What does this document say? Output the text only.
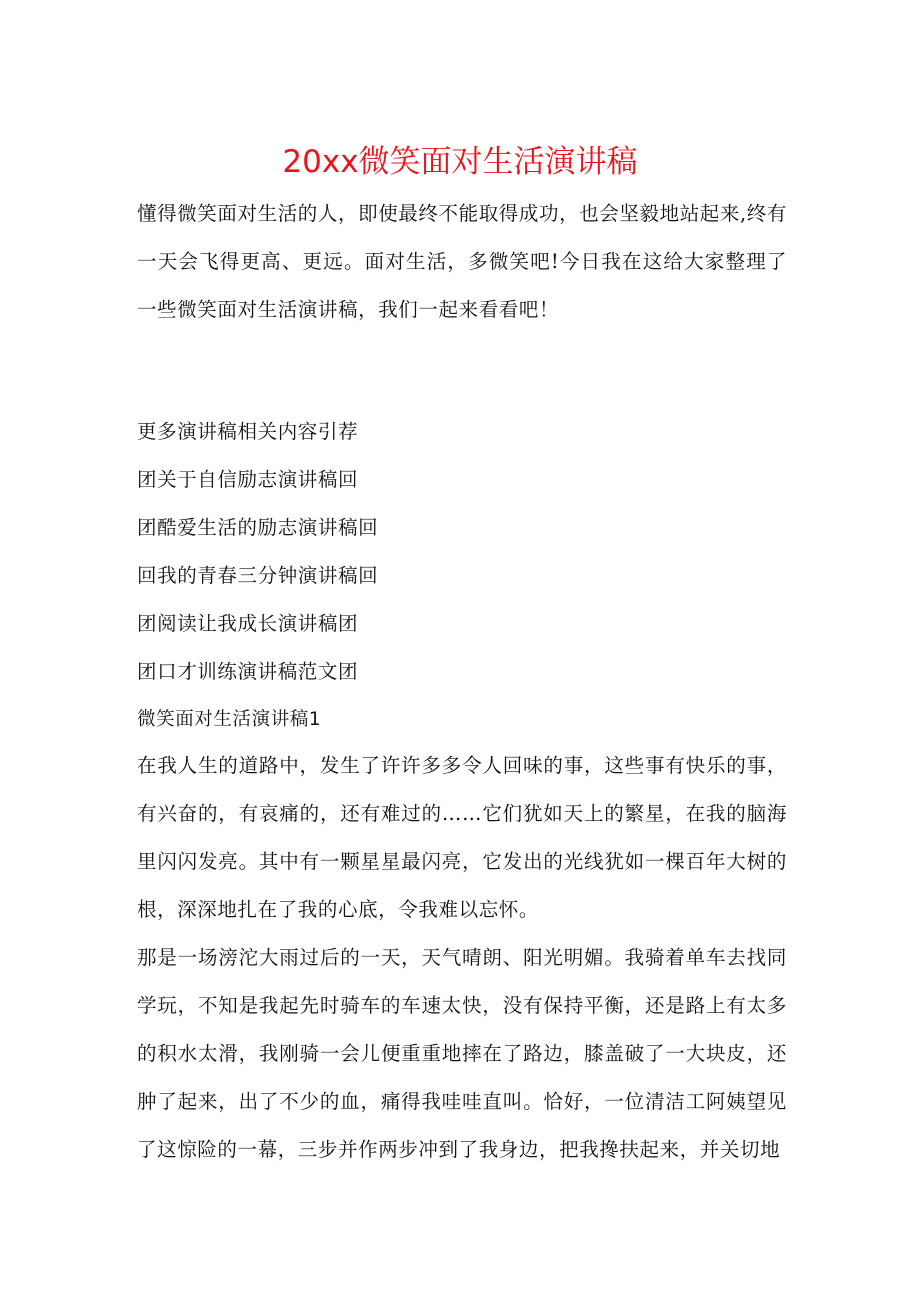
20xx微笑面对生活演讲稿

懂得微笑面对生活的人，即使最终不能取得成功，也会坚毅地站起来,终有一天会飞得更高、更远。面对生活，多微笑吧!今日我在这给大家整理了一些微笑面对生活演讲稿，我们一起来看看吧！

更多演讲稿相关内容引荐
团关于自信励志演讲稿回
团酷爱生活的励志演讲稿回
回我的青春三分钟演讲稿回
团阅读让我成长演讲稿团
团口才训练演讲稿范文团
微笑面对生活演讲稿1

在我人生的道路中，发生了许许多多令人回味的事，这些事有快乐的事，有兴奋的，有哀痛的，还有难过的……它们犹如天上的繁星，在我的脑海里闪闪发亮。其中有一颗星星最闪亮，它发出的光线犹如一棵百年大树的根，深深地扎在了我的心底，令我难以忘怀。

那是一场滂沱大雨过后的一天，天气晴朗、阳光明媚。我骑着单车去找同学玩，不知是我起先时骑车的车速太快，没有保持平衡，还是路上有太多的积水太滑，我刚骑一会儿便重重地摔在了路边，膝盖破了一大块皮，还肿了起来，出了不少的血，痛得我哇哇直叫。恰好，一位清洁工阿姨望见了这惊险的一幕，三步并作两步冲到了我身边，把我搀扶起来，并关切地
